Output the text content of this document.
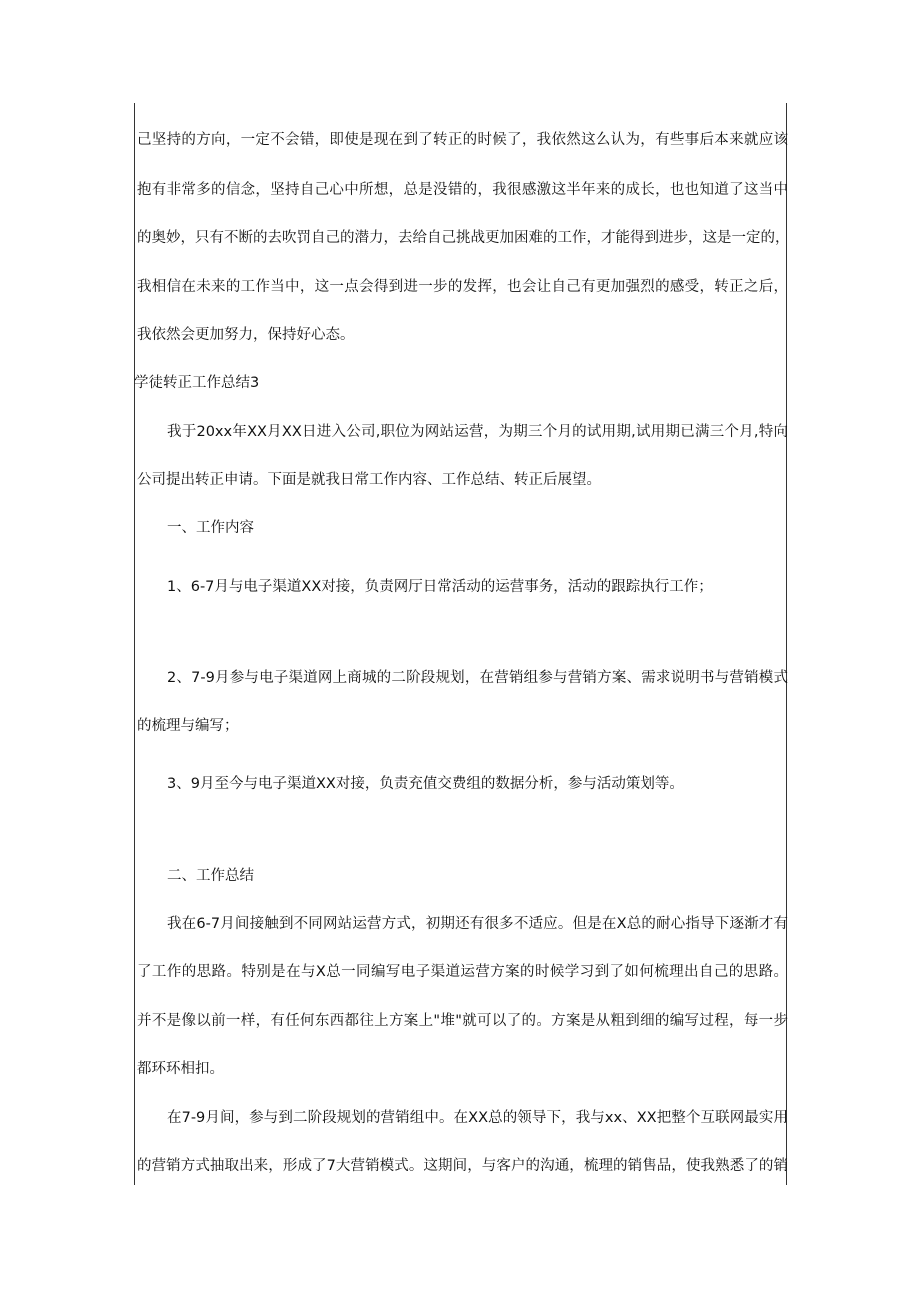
己坚持的方向，一定不会错，即使是现在到了转正的时候了，我依然这么认为，有些事后本来就应该
抱有非常多的信念，坚持自己心中所想，总是没错的，我很感激这半年来的成长，也也知道了这当中
的奥妙，只有不断的去吹罚自己的潜力，去给自己挑战更加困难的工作，才能得到进步，这是一定的，
我相信在未来的工作当中，这一点会得到进一步的发挥，也会让自己有更加强烈的感受，转正之后，
我依然会更加努力，保持好心态。
学徒转正工作总结3
我于20xx年XX月XX日进入公司,职位为网站运营，为期三个月的试用期,试用期已满三个月,特向
公司提出转正申请。下面是就我日常工作内容、工作总结、转正后展望。
一、工作内容
1、6-7月与电子渠道XX对接，负责网厅日常活动的运营事务，活动的跟踪执行工作；
2、7-9月参与电子渠道网上商城的二阶段规划，在营销组参与营销方案、需求说明书与营销模式
的梳理与编写；
3、9月至今与电子渠道XX对接，负责充值交费组的数据分析，参与活动策划等。
二、工作总结
我在6-7月间接触到不同网站运营方式，初期还有很多不适应。但是在X总的耐心指导下逐渐才有
了工作的思路。特别是在与X总一同编写电子渠道运营方案的时候学习到了如何梳理出自己的思路。
并不是像以前一样，有任何东西都往上方案上"堆"就可以了的。方案是从粗到细的编写过程，每一步
都环环相扣。
在7-9月间，参与到二阶段规划的营销组中。在XX总的领导下，我与xx、XX把整个互联网最实用
的营销方式抽取出来，形成了7大营销模式。这期间，与客户的沟通，梳理的销售品，使我熟悉了的销
